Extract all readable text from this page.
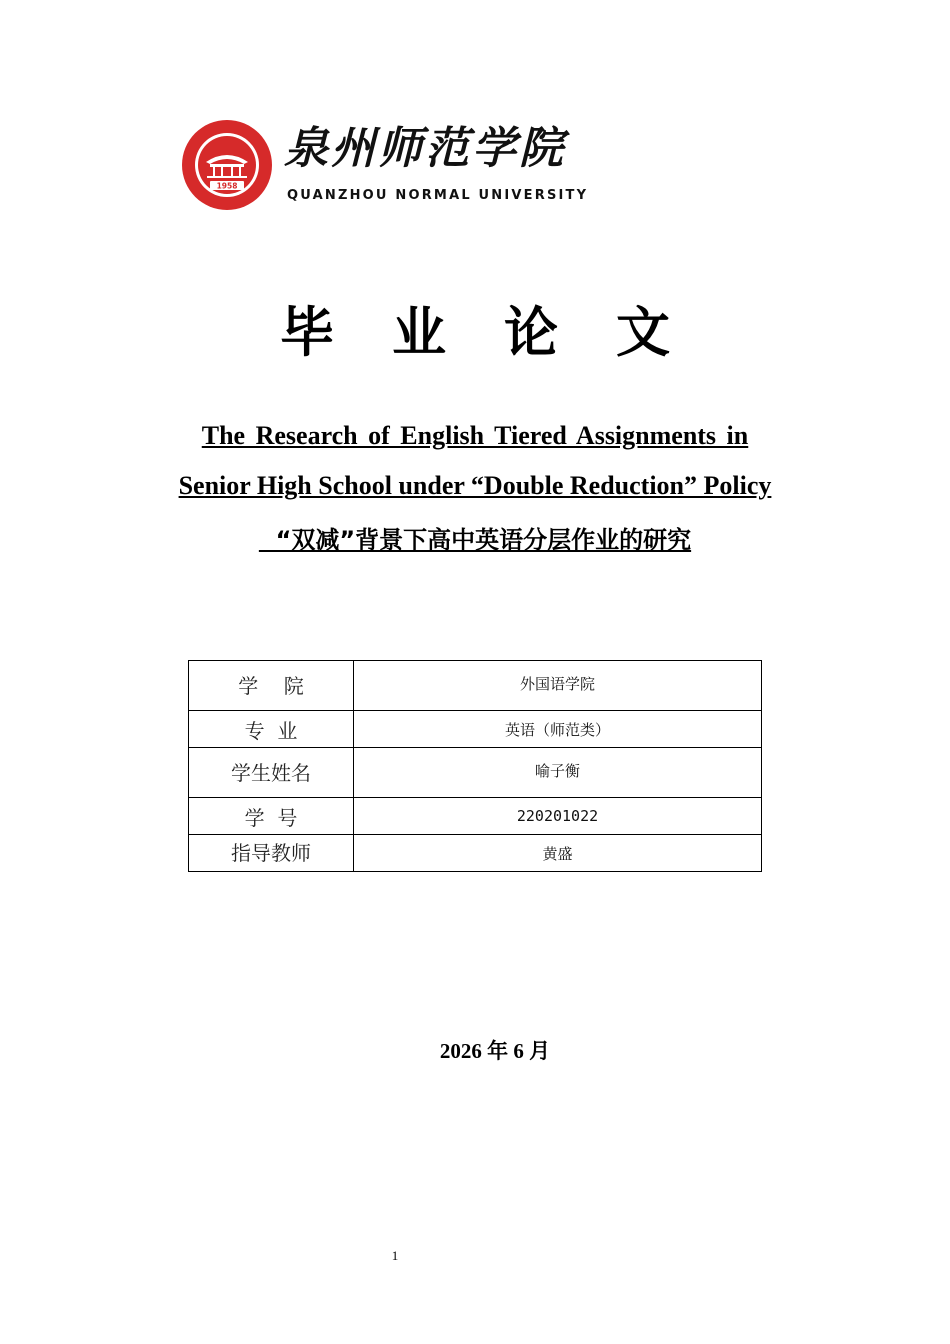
1958
泉州师范学院
QUANZHOU NORMAL UNIVERSITY
毕业论文
The Research of English Tiered Assignments in
Senior High School under “Double Reduction” Policy
“双减”背景下高中英语分层作业的研究
学    院	外国语学院
专  业	英语（师范类）
学生姓名	喻子衡
学  号	220201022
指导教师	黄盛
2026 年 6 月
1
